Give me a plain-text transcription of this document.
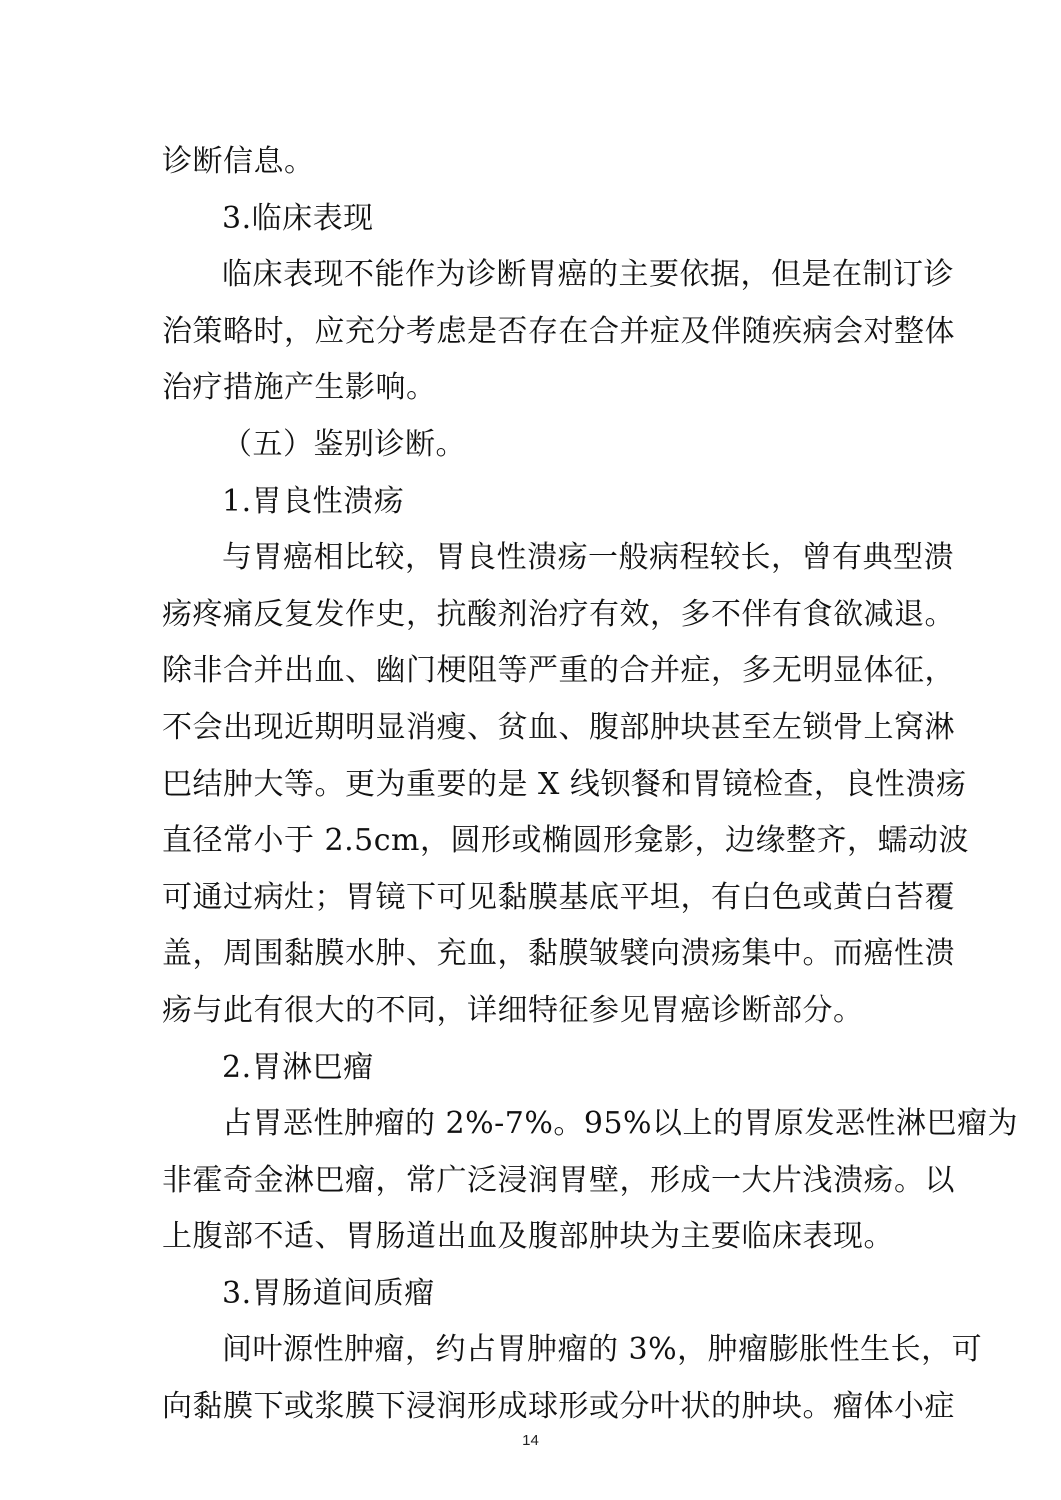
诊断信息。
3.临床表现
临床表现不能作为诊断胃癌的主要依据，但是在制订诊
治策略时，应充分考虑是否存在合并症及伴随疾病会对整体
治疗措施产生影响。
（五）鉴别诊断。
1.胃良性溃疡
与胃癌相比较，胃良性溃疡一般病程较长，曾有典型溃
疡疼痛反复发作史，抗酸剂治疗有效，多不伴有食欲减退。
除非合并出血、幽门梗阻等严重的合并症，多无明显体征，
不会出现近期明显消瘦、贫血、腹部肿块甚至左锁骨上窝淋
巴结肿大等。更为重要的是 X 线钡餐和胃镜检查，良性溃疡
直径常小于 2.5cm，圆形或椭圆形龛影，边缘整齐，蠕动波
可通过病灶；胃镜下可见黏膜基底平坦，有白色或黄白苔覆
盖，周围黏膜水肿、充血，黏膜皱襞向溃疡集中。而癌性溃
疡与此有很大的不同，详细特征参见胃癌诊断部分。
2.胃淋巴瘤
占胃恶性肿瘤的 2%-7%。95%以上的胃原发恶性淋巴瘤为
非霍奇金淋巴瘤，常广泛浸润胃壁，形成一大片浅溃疡。以
上腹部不适、胃肠道出血及腹部肿块为主要临床表现。
3.胃肠道间质瘤
间叶源性肿瘤，约占胃肿瘤的 3%，肿瘤膨胀性生长，可
向黏膜下或浆膜下浸润形成球形或分叶状的肿块。瘤体小症
14
